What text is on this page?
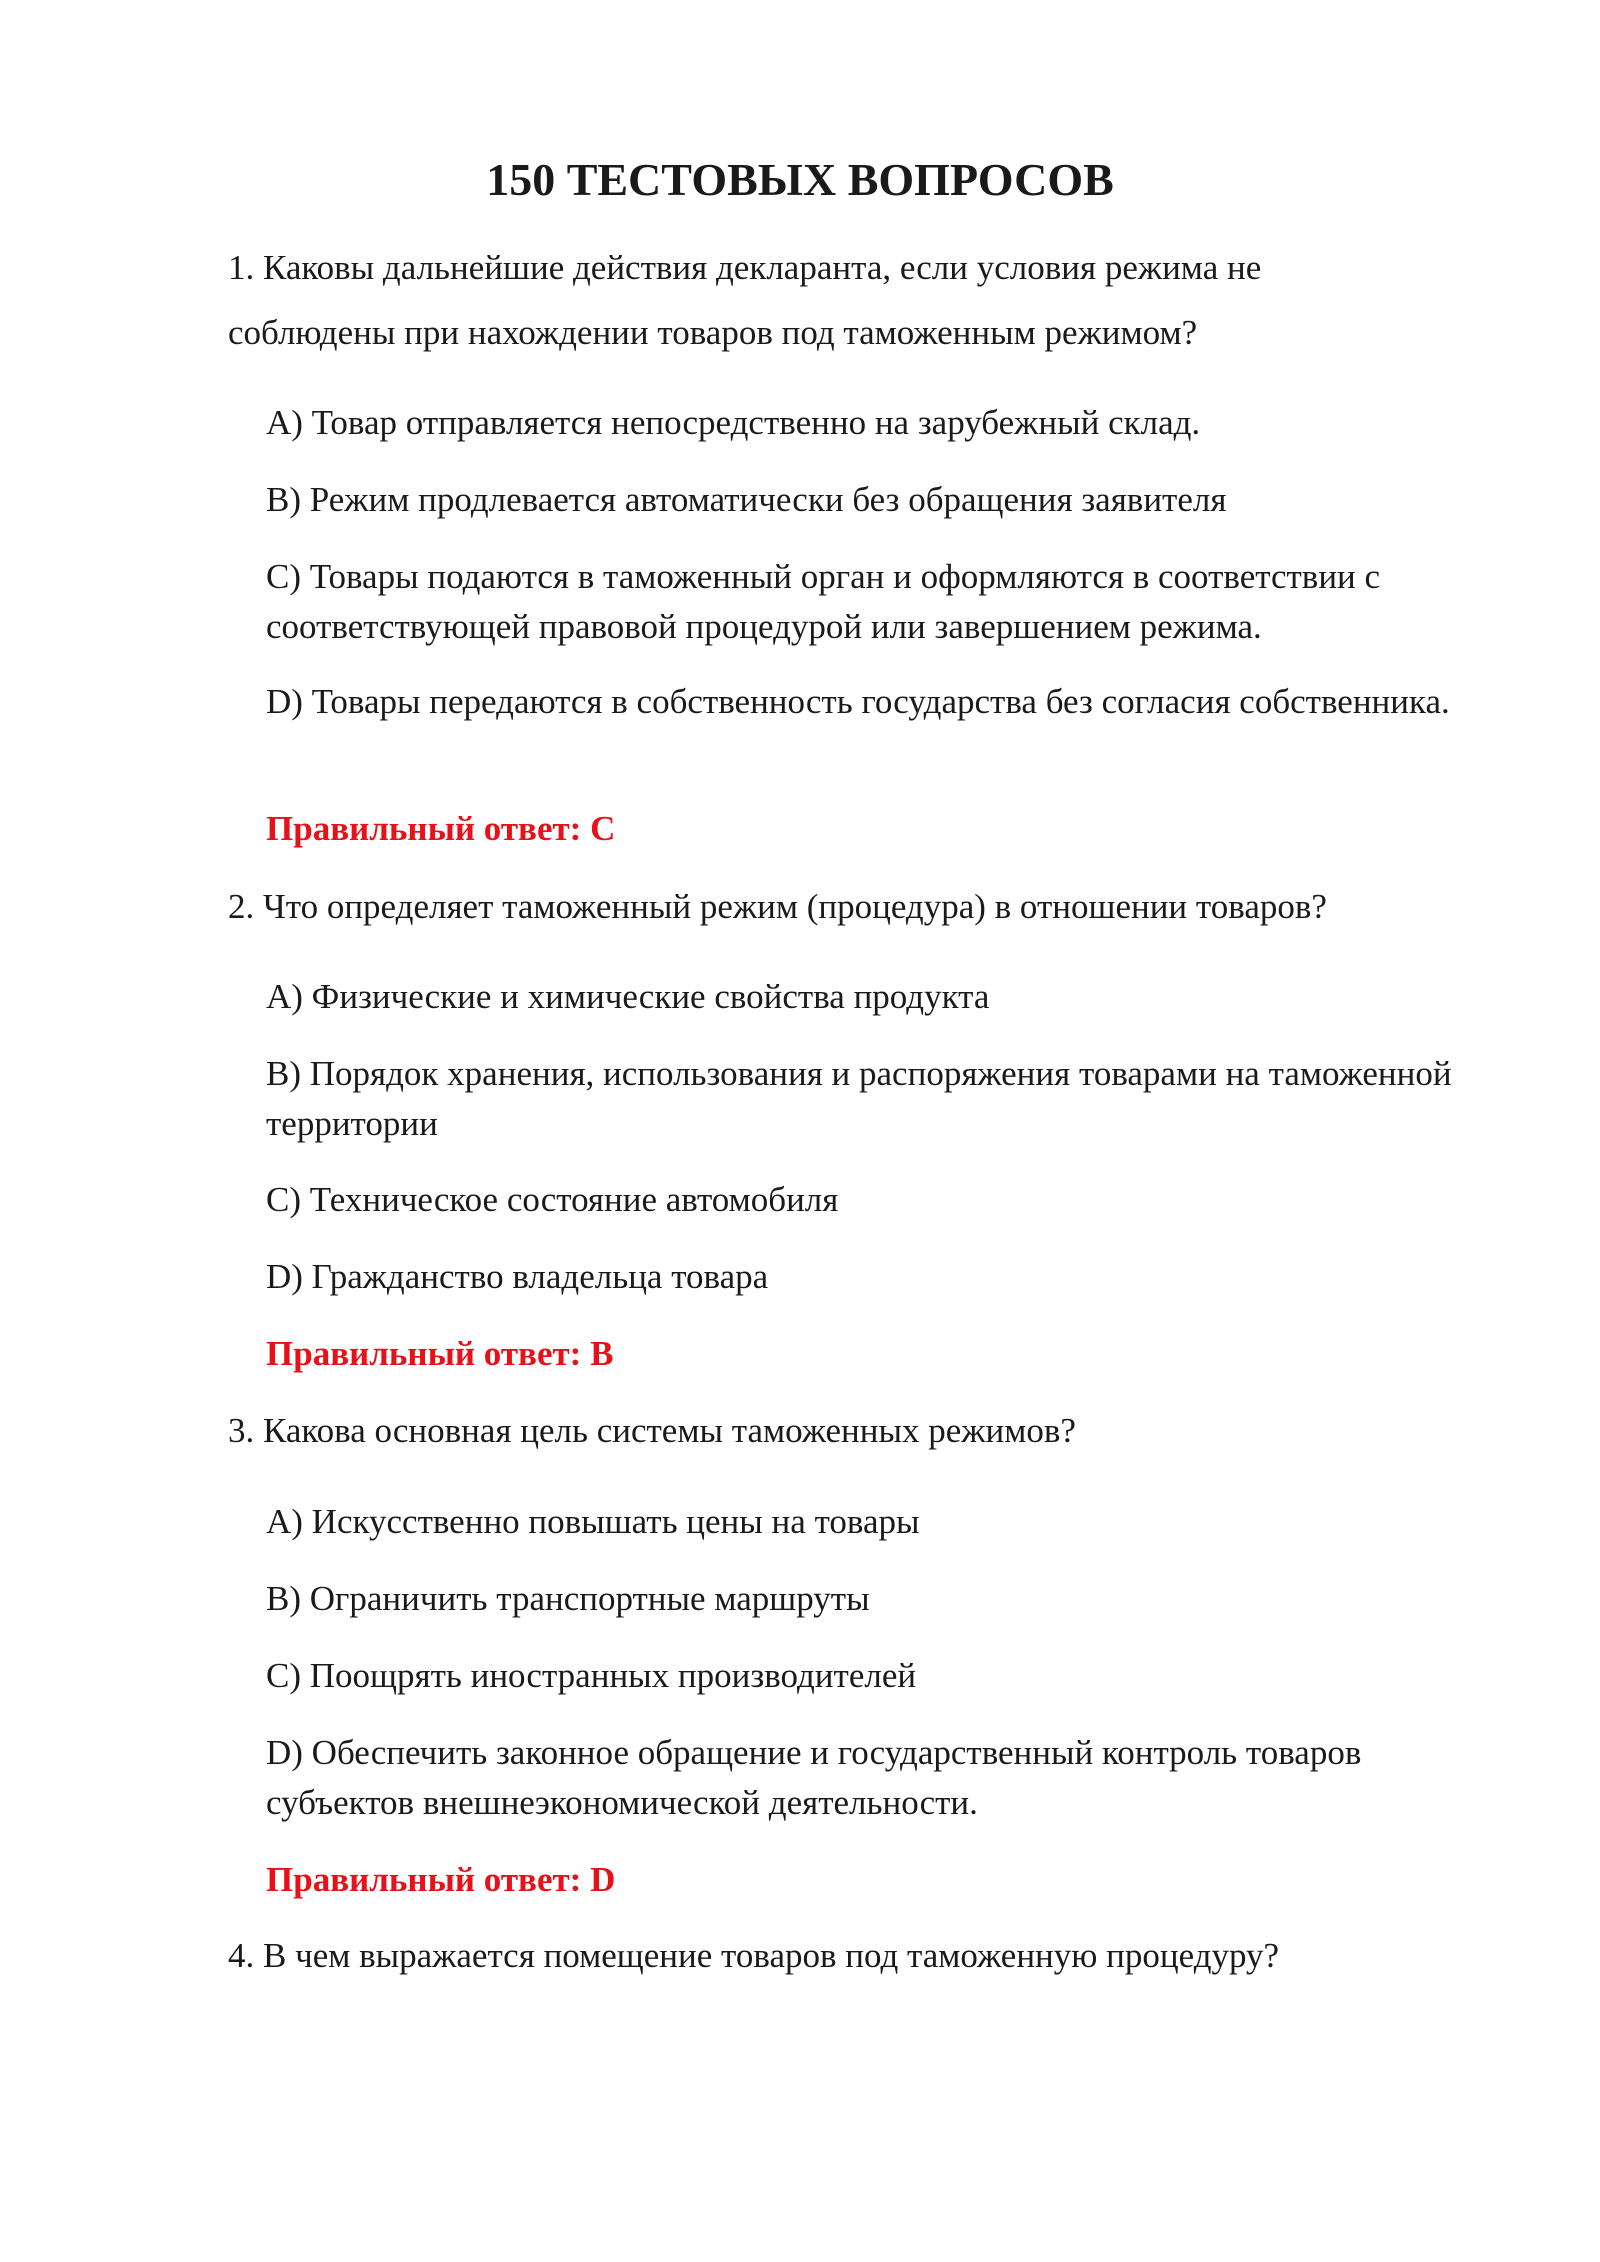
150 ТЕСТОВЫХ ВОПРОСОВ

1. Каковы дальнейшие действия декларанта, если условия режима не соблюдены при нахождении товаров под таможенным режимом?

A) Товар отправляется непосредственно на зарубежный склад.

B) Режим продлевается автоматически без обращения заявителя

C) Товары подаются в таможенный орган и оформляются в соответствии с соответствующей правовой процедурой или завершением режима.

D) Товары передаются в собственность государства без согласия собственника.

Правильный ответ: C

2. Что определяет таможенный режим (процедура) в отношении товаров?

A) Физические и химические свойства продукта

B) Порядок хранения, использования и распоряжения товарами на таможенной территории

C) Техническое состояние автомобиля

D) Гражданство владельца товара

Правильный ответ: B

3. Какова основная цель системы таможенных режимов?

A) Искусственно повышать цены на товары

B) Ограничить транспортные маршруты

C) Поощрять иностранных производителей

D) Обеспечить законное обращение и государственный контроль товаров субъектов внешнеэкономической деятельности.

Правильный ответ: D

4. В чем выражается помещение товаров под таможенную процедуру?
